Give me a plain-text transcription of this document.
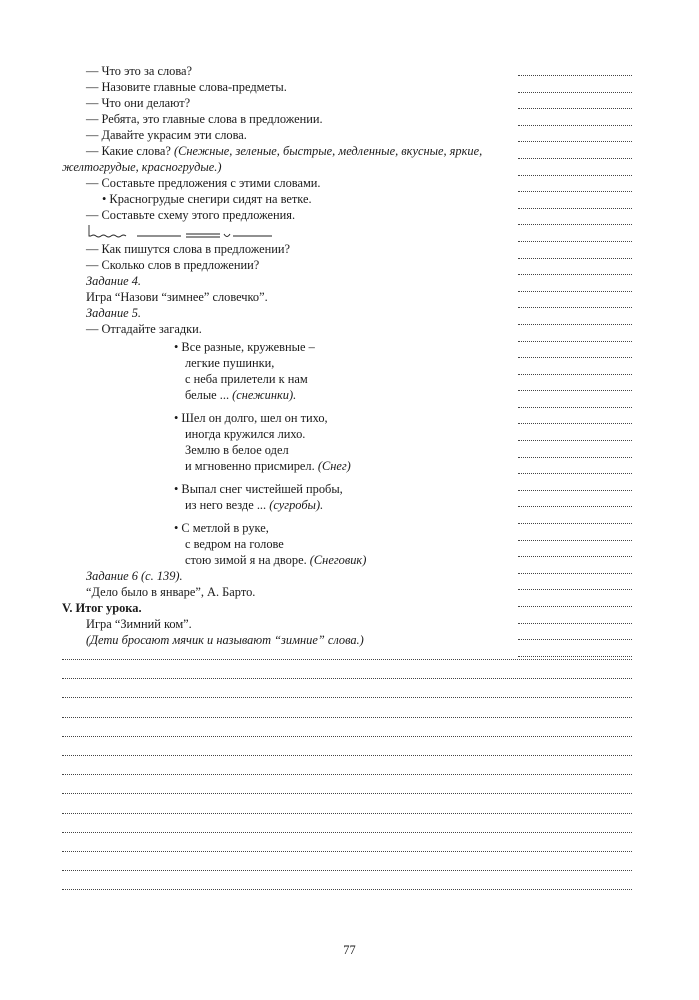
— Что это за слова?
— Назовите главные слова-предметы.
— Что они делают?
— Ребята, это главные слова в предложении.
— Давайте украсим эти слова.
— Какие слова? (Снежные, зеленые, быстрые, медленные, вкусные, яркие,
желтогрудые, красногрудые.)
— Составьте предложения с этими словами.
• Красногрудые снегири сидят на ветке.
— Составьте схему этого предложения.
— Как пишутся слова в предложении?
— Сколько слов в предложении?
Задание 4.
Игра “Назови “зимнее” словечко”.
Задание 5.
— Отгадайте загадки.
• Все разные, кружевные –
легкие пушинки,
с неба прилетели к нам
белые ... (снежинки).
• Шел он долго, шел он тихо,
иногда кружился лихо.
Землю в белое одел
и мгновенно присмирел. (Снег)
• Выпал снег чистейшей пробы,
из него везде ... (сугробы).
• С метлой в руке,
с ведром на голове
стою зимой я на дворе. (Снеговик)
Задание 6 (с. 139).
“Дело было в январе”, А. Барто.
V. Итог урока.
Игра “Зимний ком”.
(Дети бросают мячик и называют “зимние” слова.)
77
